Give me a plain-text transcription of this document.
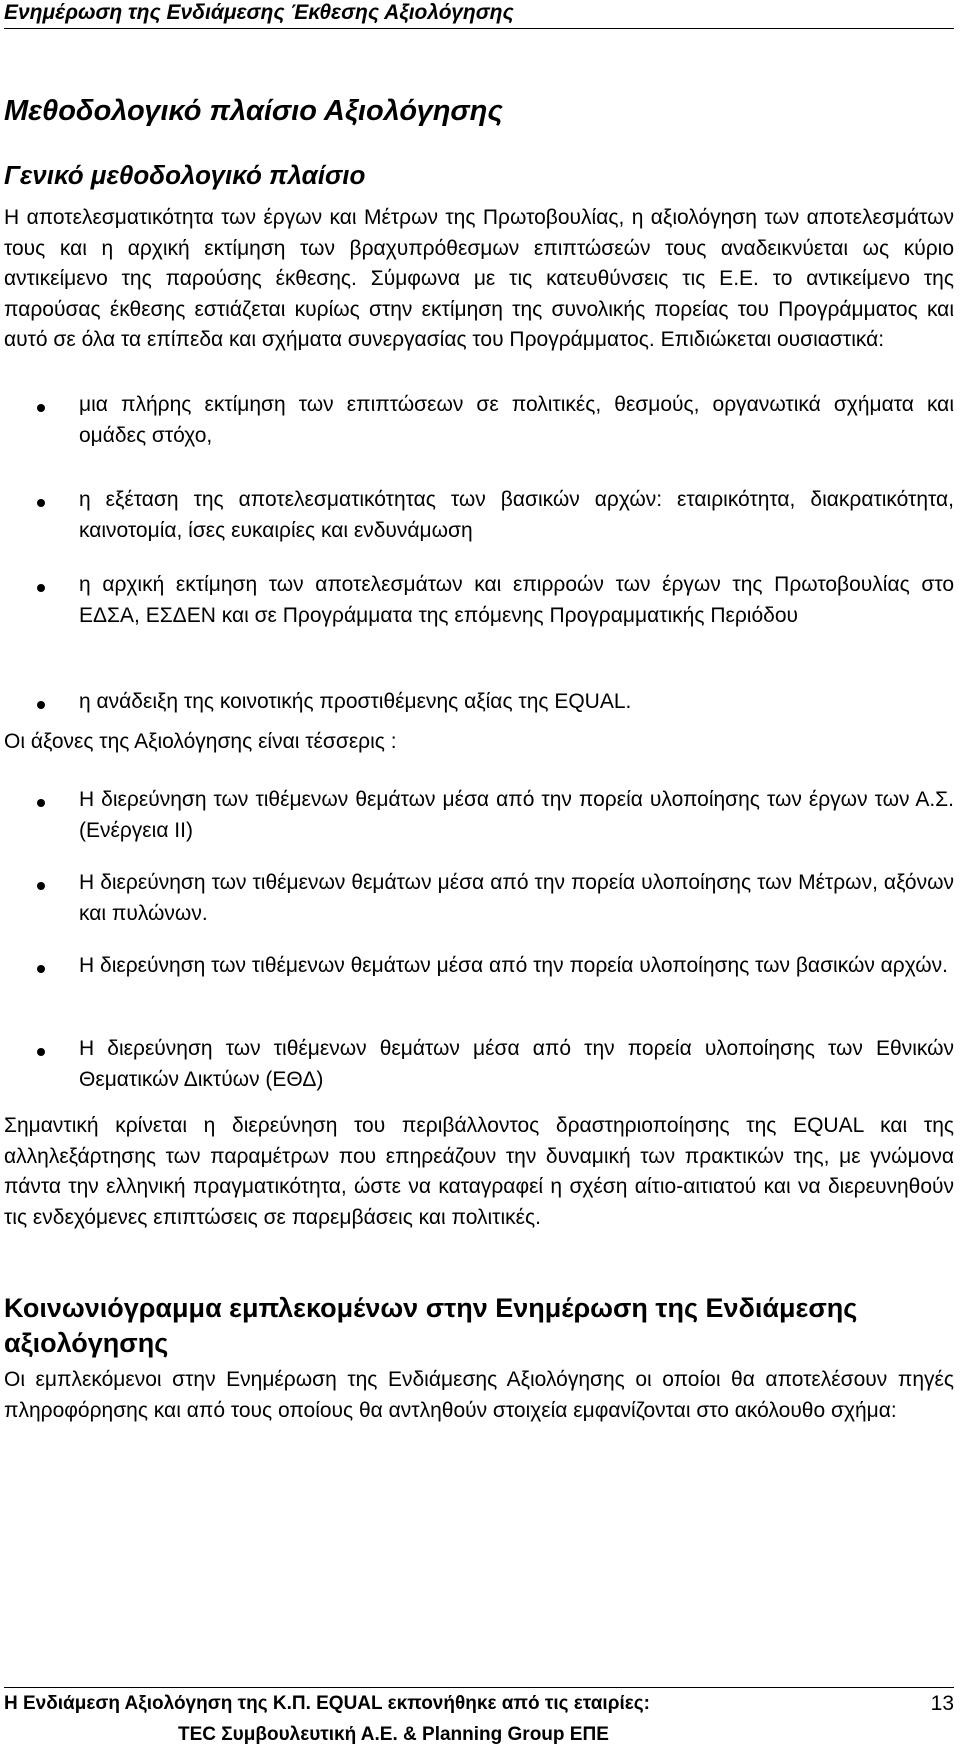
Ενημέρωση της Ενδιάμεσης Έκθεσης Αξιολόγησης
Μεθοδολογικό πλαίσιο Αξιολόγησης
Γενικό μεθοδολογικό πλαίσιο
Η αποτελεσματικότητα των έργων και Μέτρων της Πρωτοβουλίας, η αξιολόγηση των αποτελεσμάτων τους και η αρχική εκτίμηση των βραχυπρόθεσμων επιπτώσεών τους αναδεικνύεται ως κύριο αντικείμενο της παρούσης έκθεσης. Σύμφωνα με τις κατευθύνσεις τις Ε.Ε. το αντικείμενο της παρούσας έκθεσης εστιάζεται κυρίως στην εκτίμηση της συνολικής πορείας του Προγράμματος και αυτό σε όλα τα επίπεδα και σχήματα συνεργασίας του Προγράμματος. Επιδιώκεται ουσιαστικά:
μια πλήρης εκτίμηση των επιπτώσεων σε πολιτικές, θεσμούς, οργανωτικά σχήματα και ομάδες στόχο,
η εξέταση της αποτελεσματικότητας των βασικών αρχών: εταιρικότητα, διακρατικότητα, καινοτομία, ίσες ευκαιρίες και ενδυνάμωση
η αρχική εκτίμηση των αποτελεσμάτων και επιρροών των έργων της Πρωτοβουλίας στο ΕΔΣΑ, ΕΣΔΕΝ και σε Προγράμματα της επόμενης Προγραμματικής Περιόδου
η ανάδειξη της κοινοτικής προστιθέμενης αξίας της EQUAL.
Οι άξονες της Αξιολόγησης είναι τέσσερις :
Η διερεύνηση των τιθέμενων θεμάτων μέσα από την πορεία υλοποίησης των έργων των Α.Σ. (Ενέργεια ΙΙ)
Η διερεύνηση των τιθέμενων θεμάτων μέσα από την πορεία υλοποίησης των Μέτρων, αξόνων και πυλώνων.
Η διερεύνηση των τιθέμενων θεμάτων μέσα από την πορεία υλοποίησης των βασικών αρχών.
Η διερεύνηση των τιθέμενων θεμάτων μέσα από την πορεία υλοποίησης των Εθνικών Θεματικών Δικτύων (ΕΘΔ)
Σημαντική κρίνεται η διερεύνηση του περιβάλλοντος δραστηριοποίησης της EQUAL και της αλληλεξάρτησης των παραμέτρων που επηρεάζουν την δυναμική των πρακτικών της, με γνώμονα πάντα την ελληνική πραγματικότητα, ώστε να καταγραφεί η σχέση αίτιο-αιτιατού και να διερευνηθούν τις ενδεχόμενες επιπτώσεις σε παρεμβάσεις και πολιτικές.
Κοινωνιόγραμμα εμπλεκομένων στην Ενημέρωση της Ενδιάμεσης αξιολόγησης
Οι εμπλεκόμενοι στην Ενημέρωση της Ενδιάμεσης Αξιολόγησης οι οποίοι θα αποτελέσουν πηγές πληροφόρησης και από τους οποίους θα αντληθούν στοιχεία εμφανίζονται στο ακόλουθο σχήμα:
Η Ενδιάμεση Αξιολόγηση της Κ.Π. EQUAL εκπονήθηκε από τις εταιρίες:
TEC Συμβουλευτική Α.Ε. & Planning Group ΕΠΕ
13
